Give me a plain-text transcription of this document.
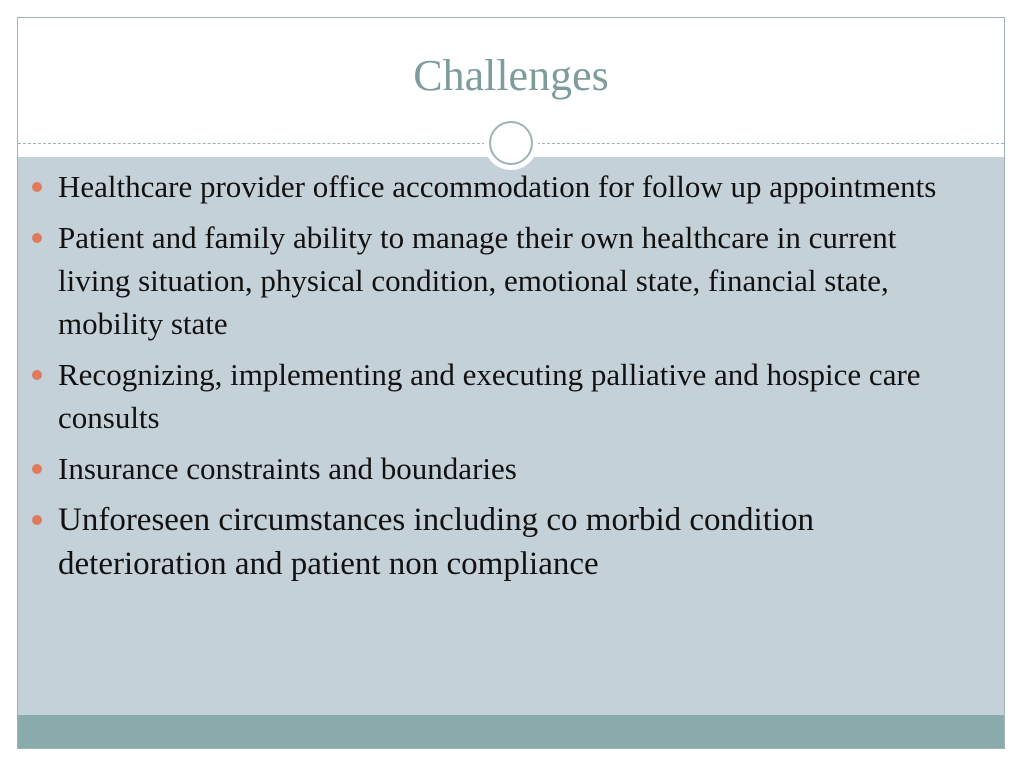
Challenges
Healthcare provider office accommodation for follow up appointments
Patient and family ability to manage their own healthcare in current living situation, physical condition, emotional state, financial state, mobility state
Recognizing, implementing and executing palliative and hospice care consults
Insurance constraints and boundaries
Unforeseen circumstances including co morbid condition deterioration and patient non compliance
